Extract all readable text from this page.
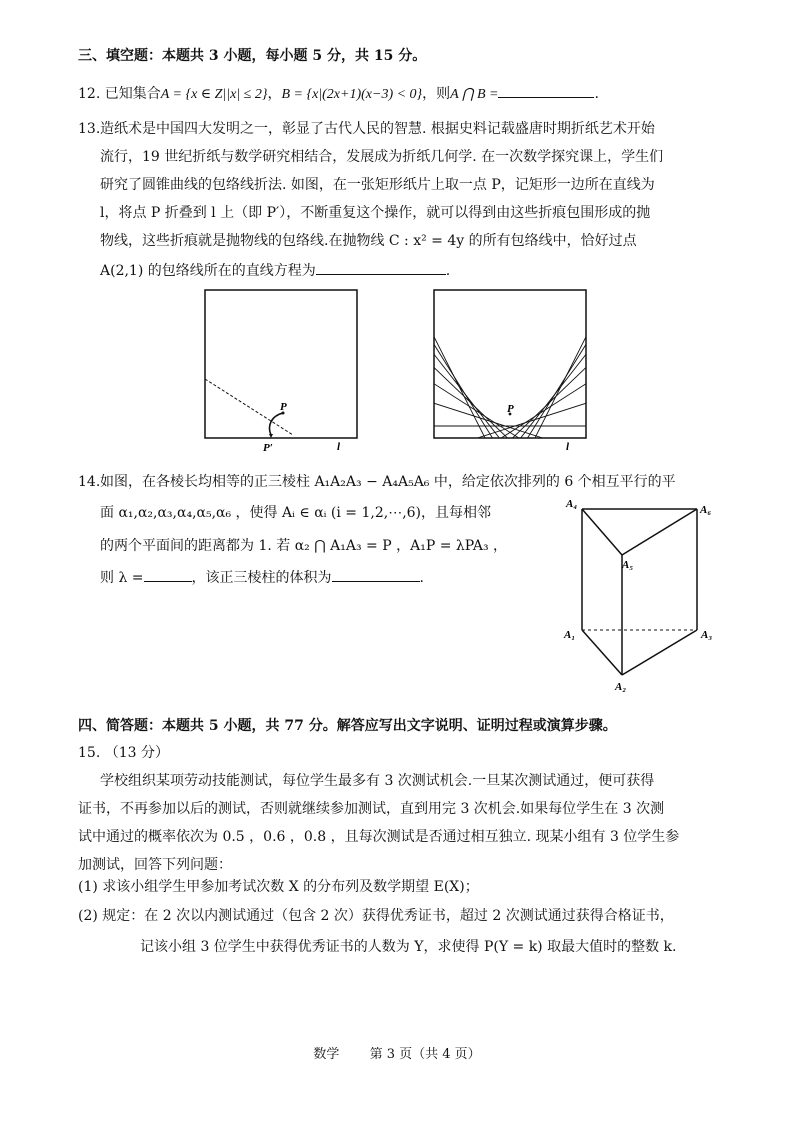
三、填空题：本题共 3 小题，每小题 5 分，共 15 分。
12. 已知集合A = {x ∈ Z||x| ≤ 2}，B = {x|(2x+1)(x−3) < 0}，则A ⋂ B =	.
13. 造纸术是中国四大发明之一，彰显了古代人民的智慧. 根据史料记载盛唐时期折纸艺术开始
流行，19 世纪折纸与数学研究相结合，发展成为折纸几何学. 在一次数学探究课上，学生们
研究了圆锥曲线的包络线折法. 如图，在一张矩形纸片上取一点 P，记矩形一边所在直线为
l，将点 P 折叠到 l 上（即 P′），不断重复这个操作，就可以得到由这些折痕包围形成的抛
物线，这些折痕就是抛物线的包络线.在抛物线 C : x² = 4y 的所有包络线中，恰好过点
A(2,1) 的包络线所在的直线方程为	.
P
P′	l
P
l
14. 如图，在各棱长均相等的正三棱柱 A₁A₂A₃ − A₄A₅A₆ 中，给定依次排列的 6 个相互平行的平
面 α₁,α₂,α₃,α₄,α₅,α₆ ，使得 Aᵢ ∈ αᵢ (i = 1,2,⋯,6)，且每相邻
的两个平面间的距离都为 1. 若 α₂ ⋂ A₁A₃ = P ，A₁P = λPA₃ ，
则 λ =	，该正三棱柱的体积为	.
A₄	A₆
A₅
A₁	A₃
A₂
四、简答题：本题共 5 小题，共 77 分。解答应写出文字说明、证明过程或演算步骤。
15. （13 分）
学校组织某项劳动技能测试，每位学生最多有 3 次测试机会.一旦某次测试通过，便可获得
证书，不再参加以后的测试，否则就继续参加测试，直到用完 3 次机会.如果每位学生在 3 次测
试中通过的概率依次为 0.5 ，0.6 ，0.8 ，且每次测试是否通过相互独立. 现某小组有 3 位学生参
加测试，回答下列问题：
(1) 求该小组学生甲参加考试次数 X 的分布列及数学期望 E(X)；
(2) 规定：在 2 次以内测试通过（包含 2 次）获得优秀证书，超过 2 次测试通过获得合格证书，
记该小组 3 位学生中获得优秀证书的人数为 Y，求使得 P(Y = k) 取最大值时的整数 k.
数学 第 3 页（共 4 页）
